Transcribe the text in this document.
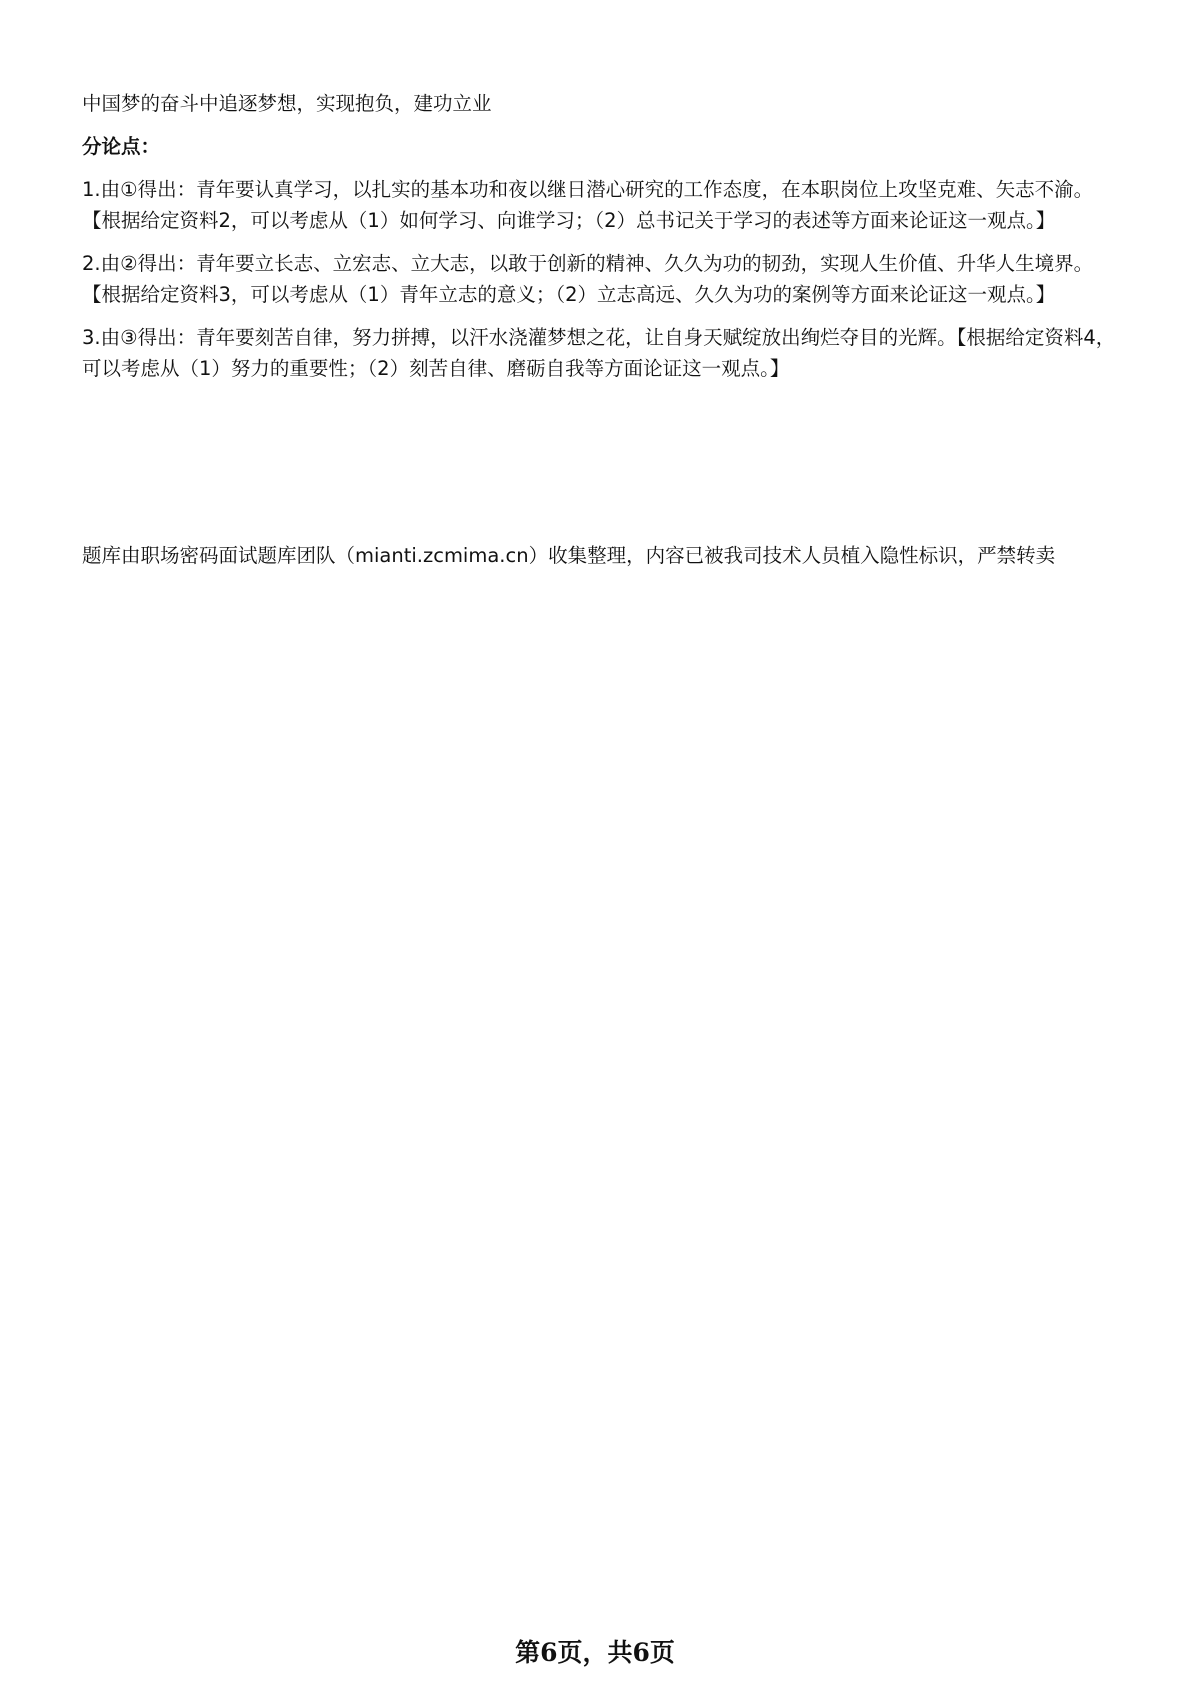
中国梦的奋斗中追逐梦想，实现抱负，建功立业

分论点：

1.由①得出：青年要认真学习，以扎实的基本功和夜以继日潜心研究的工作态度，在本职岗位上攻坚克难、矢志不渝。【根据给定资料2，可以考虑从（1）如何学习、向谁学习；（2）总书记关于学习的表述等方面来论证这一观点。】

2.由②得出：青年要立长志、立宏志、立大志，以敢于创新的精神、久久为功的韧劲，实现人生价值、升华人生境界。【根据给定资料3，可以考虑从（1）青年立志的意义；（2）立志高远、久久为功的案例等方面来论证这一观点。】

3.由③得出：青年要刻苦自律，努力拼搏，以汗水浇灌梦想之花，让自身天赋绽放出绚烂夺目的光辉。【根据给定资料4，可以考虑从（1）努力的重要性；（2）刻苦自律、磨砺自我等方面论证这一观点。】

题库由职场密码面试题库团队（mianti.zcmima.cn）收集整理，内容已被我司技术人员植入隐性标识，严禁转卖
第6页，共6页
